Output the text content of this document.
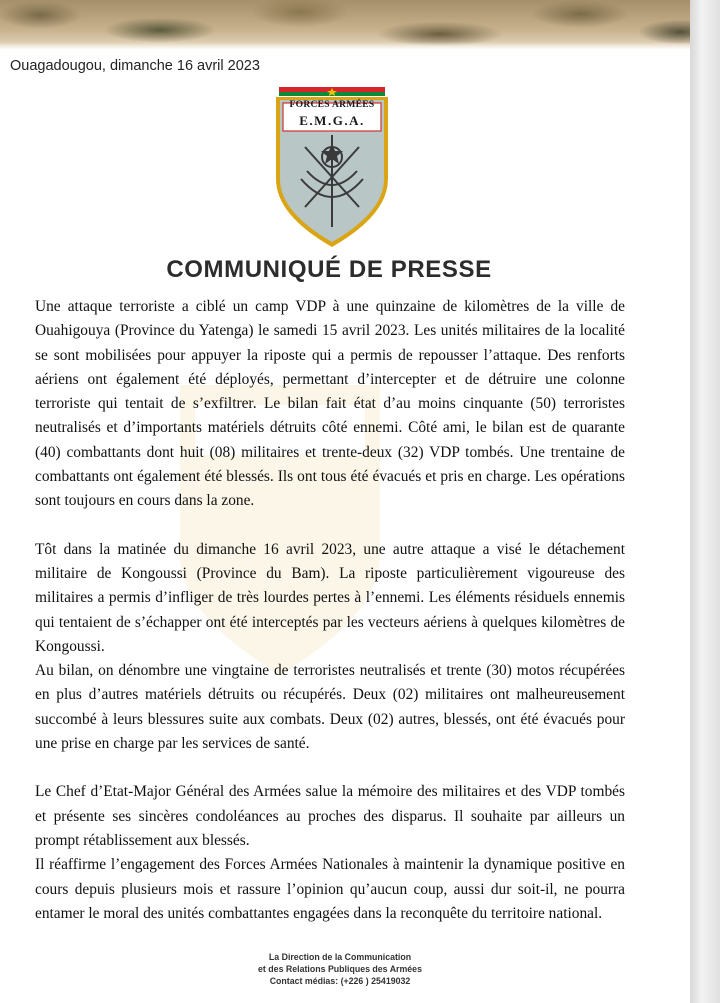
Ouagadougou, dimanche 16 avril 2023
FORCES ARMÉES
E.M.G.A.
COMMUNIQUÉ DE PRESSE

Une attaque terroriste a ciblé un camp VDP à une quinzaine de kilomètres de la ville de Ouahigouya (Province du Yatenga) le samedi 15 avril 2023. Les unités militaires de la localité se sont mobilisées pour appuyer la riposte qui a permis de repousser l’attaque. Des renforts aériens ont également été déployés, permettant d’intercepter et de détruire une colonne terroriste qui tentait de s’exfiltrer. Le bilan fait état d’au moins cinquante (50) terroristes neutralisés et d’importants matériels détruits côté ennemi. Côté ami, le bilan est de quarante (40) combattants dont huit (08) militaires et trente-deux (32) VDP tombés. Une trentaine de combattants ont également été blessés. Ils ont tous été évacués et pris en charge. Les opérations sont toujours en cours dans la zone.

Tôt dans la matinée du dimanche 16 avril 2023, une autre attaque a visé le détachement militaire de Kongoussi (Province du Bam). La riposte particulièrement vigoureuse des militaires a permis d’infliger de très lourdes pertes à l’ennemi. Les éléments résiduels ennemis qui tentaient de s’échapper ont été interceptés par les vecteurs aériens à quelques kilomètres de Kongoussi.

Au bilan, on dénombre une vingtaine de terroristes neutralisés et trente (30) motos récupérées en plus d’autres matériels détruits ou récupérés. Deux (02) militaires ont malheureusement succombé à leurs blessures suite aux combats. Deux (02) autres, blessés, ont été évacués pour une prise en charge par les services de santé.

Le Chef d’Etat-Major Général des Armées salue la mémoire des militaires et des VDP tombés et présente ses sincères condoléances au proches des disparus. Il souhaite par ailleurs un prompt rétablissement aux blessés.

Il réaffirme l’engagement des Forces Armées Nationales à maintenir la dynamique positive en cours depuis plusieurs mois et rassure l’opinion qu’aucun coup, aussi dur soit-il, ne pourra entamer le moral des unités combattantes engagées dans la reconquête du territoire national.

La Direction de la Communication
et des Relations Publiques des Armées
Contact médias: (+226 ) 25419032
